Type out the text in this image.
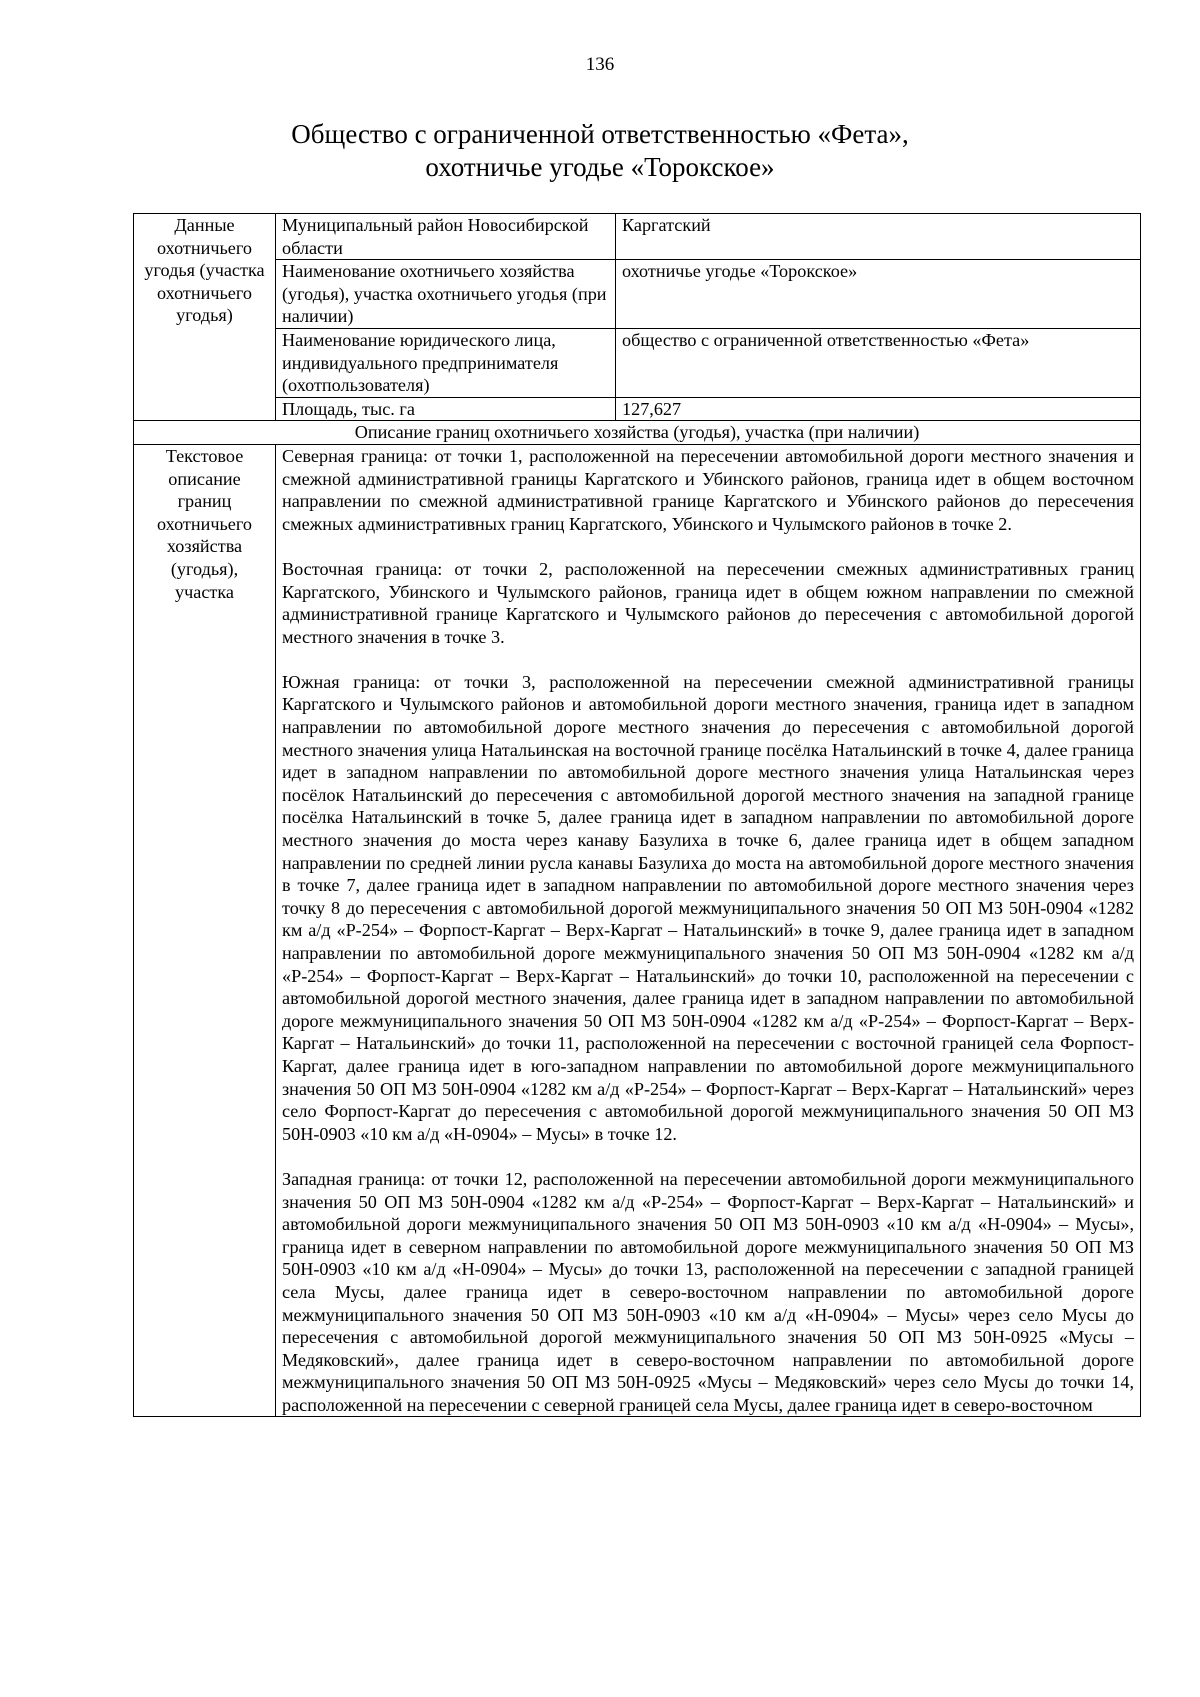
136
Общество с ограниченной ответственностью «Фета»,
охотничье угодье «Торокское»
Данные охотничьего угодья (участка охотничьего угодья)	Муниципальный район Новосибирской области	Каргатский
	Наименование охотничьего хозяйства (угодья), участка охотничьего угодья (при наличии)	охотничье угодье «Торокское»
	Наименование юридического лица, индивидуального предпринимателя (охотпользователя)	общество с ограниченной ответственностью «Фета»
	Площадь, тыс. га	127,627
Описание границ охотничьего хозяйства (угодья), участка (при наличии)		
Текстовое описание границ охотничьего хозяйства (угодья), участка	Северная граница: от точки 1, расположенной на пересечении автомобильной дороги местного значения и смежной административной границы Каргатского и Убинского районов, граница идет в общем восточном направлении по смежной административной границе Каргатского и Убинского районов до пересечения смежных административных границ Каргатского, Убинского и Чулымского районов в точке 2.

Восточная граница: от точки 2, расположенной на пересечении смежных административных границ Каргатского, Убинского и Чулымского районов, граница идет в общем южном направлении по смежной административной границе Каргатского и Чулымского районов до пересечения с автомобильной дорогой местного значения в точке 3.

Южная граница: от точки 3, расположенной на пересечении смежной административной границы Каргатского и Чулымского районов и автомобильной дороги местного значения, граница идет в западном направлении по автомобильной дороге местного значения до пересечения с автомобильной дорогой местного значения улица Натальинская на восточной границе посёлка Натальинский в точке 4, далее граница идет в западном направлении по автомобильной дороге местного значения улица Натальинская через посёлок Натальинский до пересечения с автомобильной дорогой местного значения на западной границе посёлка Натальинский в точке 5, далее граница идет в западном направлении по автомобильной дороге местного значения до моста через канаву Базулиха в точке 6, далее граница идет в общем западном направлении по средней линии русла канавы Базулиха до моста на автомобильной дороге местного значения в точке 7, далее граница идет в западном направлении по автомобильной дороге местного значения через точку 8 до пересечения с автомобильной дорогой межмуниципального значения 50 ОП МЗ 50Н-0904 «1282 км а/д «Р-254» – Форпост-Каргат – Верх-Каргат – Натальинский» в точке 9, далее граница идет в западном направлении по автомобильной дороге межмуниципального значения 50 ОП МЗ 50Н-0904 «1282 км а/д «Р-254» – Форпост-Каргат – Верх-Каргат – Натальинский» до точки 10, расположенной на пересечении с автомобильной дорогой местного значения, далее граница идет в западном направлении по автомобильной дороге межмуниципального значения 50 ОП МЗ 50Н-0904 «1282 км а/д «Р-254» – Форпост-Каргат – Верх-Каргат – Натальинский» до точки 11, расположенной на пересечении с восточной границей села Форпост-Каргат, далее граница идет в юго-западном направлении по автомобильной дороге межмуниципального значения 50 ОП МЗ 50Н-0904 «1282 км а/д «Р-254» – Форпост-Каргат – Верх-Каргат – Натальинский» через село Форпост-Каргат до пересечения с автомобильной дорогой межмуниципального значения 50 ОП МЗ 50Н-0903 «10 км а/д «Н-0904» – Мусы» в точке 12.

Западная граница: от точки 12, расположенной на пересечении автомобильной дороги межмуниципального значения 50 ОП МЗ 50Н-0904 «1282 км а/д «Р-254» – Форпост-Каргат – Верх-Каргат – Натальинский» и автомобильной дороги межмуниципального значения 50 ОП МЗ 50Н-0903 «10 км а/д «Н-0904» – Мусы», граница идет в северном направлении по автомобильной дороге межмуниципального значения 50 ОП МЗ 50Н-0903 «10 км а/д «Н-0904» – Мусы» до точки 13, расположенной на пересечении с западной границей села Мусы, далее граница идет в северо-восточном направлении по автомобильной дороге межмуниципального значения 50 ОП МЗ 50Н-0903 «10 км а/д «Н-0904» – Мусы» через село Мусы до пересечения с автомобильной дорогой межмуниципального значения 50 ОП МЗ 50Н-0925 «Мусы – Медяковский», далее граница идет в северо-восточном направлении по автомобильной дороге межмуниципального значения 50 ОП МЗ 50Н-0925 «Мусы – Медяковский» через село Мусы до точки 14, расположенной на пересечении с северной границей села Мусы, далее граница идет в северо-восточном	
